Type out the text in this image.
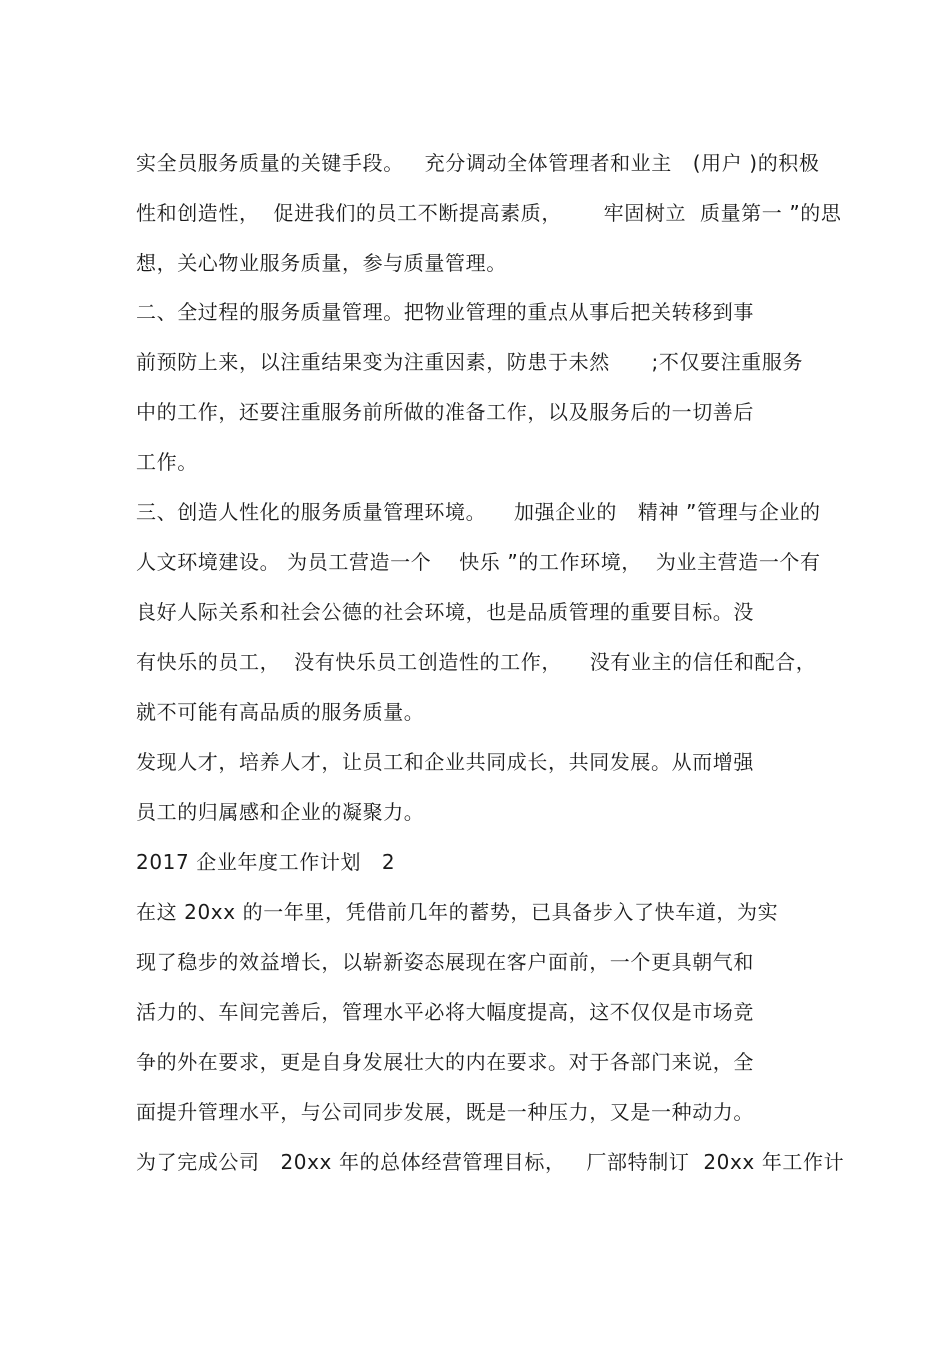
实全员服务质量的关键手段。   充分调动全体管理者和业主   (用户 )的积极
性和创造性，  促进我们的员工不断提高素质，      牢固树立  质量第一 ”的思
想，关心物业服务质量，参与质量管理。
二、全过程的服务质量管理。把物业管理的重点从事后把关转移到事
前预防上来，以注重结果变为注重因素，防患于未然      ;不仅要注重服务
中的工作，还要注重服务前所做的准备工作，以及服务后的一切善后
工作。
三、创造人性化的服务质量管理环境。    加强企业的   精神 ”管理与企业的
人文环境建设。 为员工营造一个    快乐 ”的工作环境，  为业主营造一个有
良好人际关系和社会公德的社会环境，也是品质管理的重要目标。没
有快乐的员工，  没有快乐员工创造性的工作，    没有业主的信任和配合，
就不可能有高品质的服务质量。
发现人才，培养人才，让员工和企业共同成长，共同发展。从而增强
员工的归属感和企业的凝聚力。
2017 企业年度工作计划   2
在这 20xx 的一年里，凭借前几年的蓄势，已具备步入了快车道，为实
现了稳步的效益增长，以崭新姿态展现在客户面前，一个更具朝气和
活力的、车间完善后，管理水平必将大幅度提高，这不仅仅是市场竞
争的外在要求，更是自身发展壮大的内在要求。对于各部门来说，全
面提升管理水平，与公司同步发展，既是一种压力，又是一种动力。
为了完成公司   20xx 年的总体经营管理目标，   厂部特制订  20xx 年工作计
